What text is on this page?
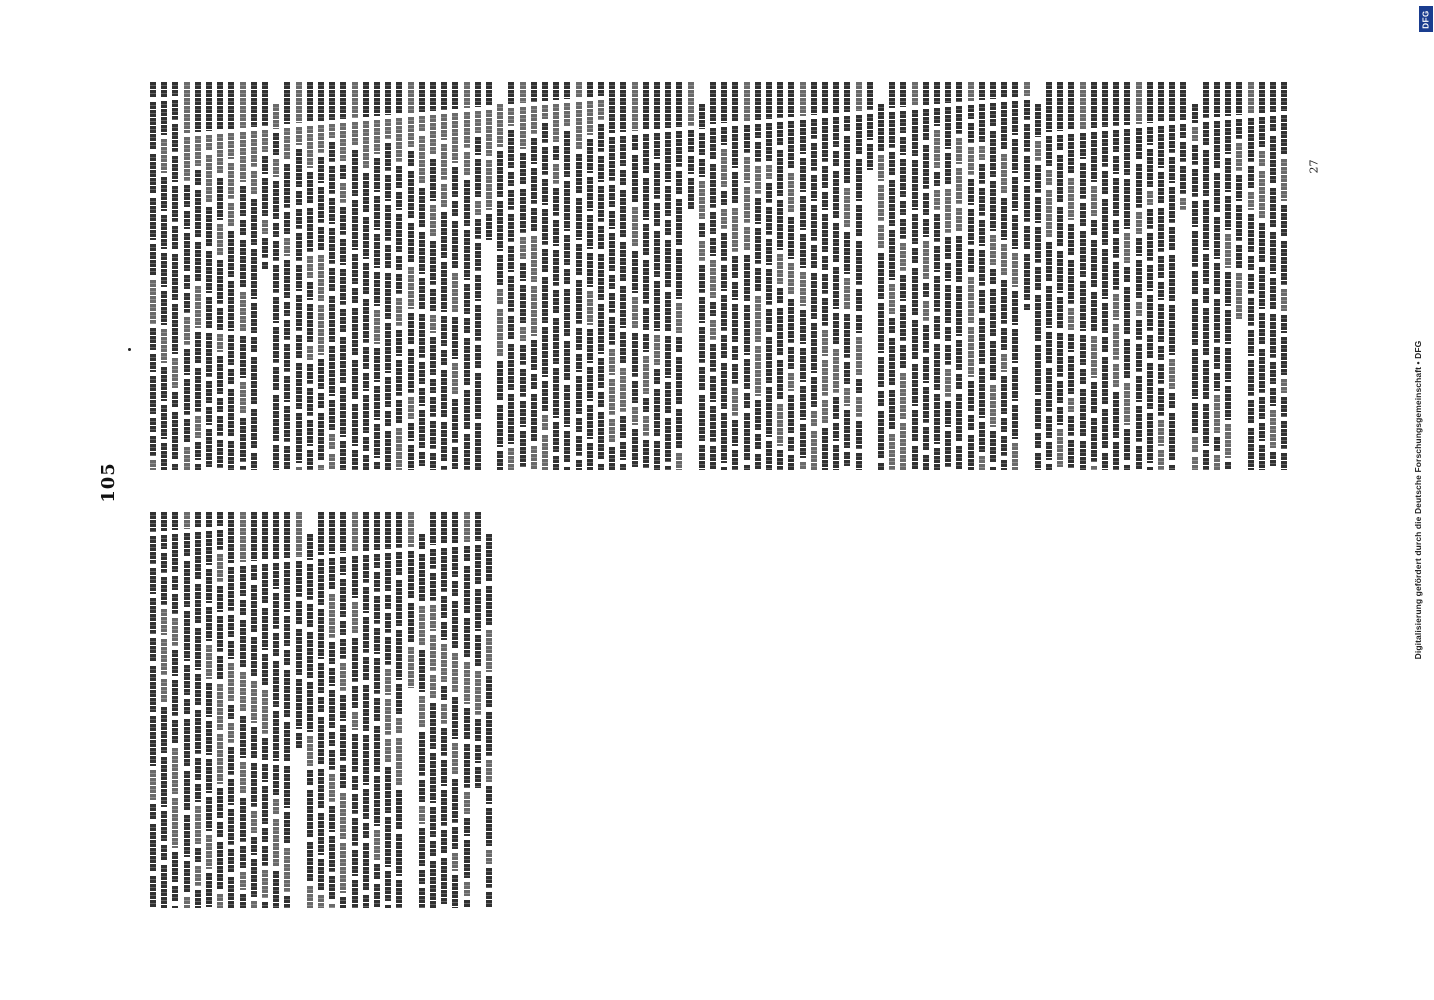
105
27
DFG
Digitalisierung gefördert durch die Deutsche Forschungsgemeinschaft • DFG
